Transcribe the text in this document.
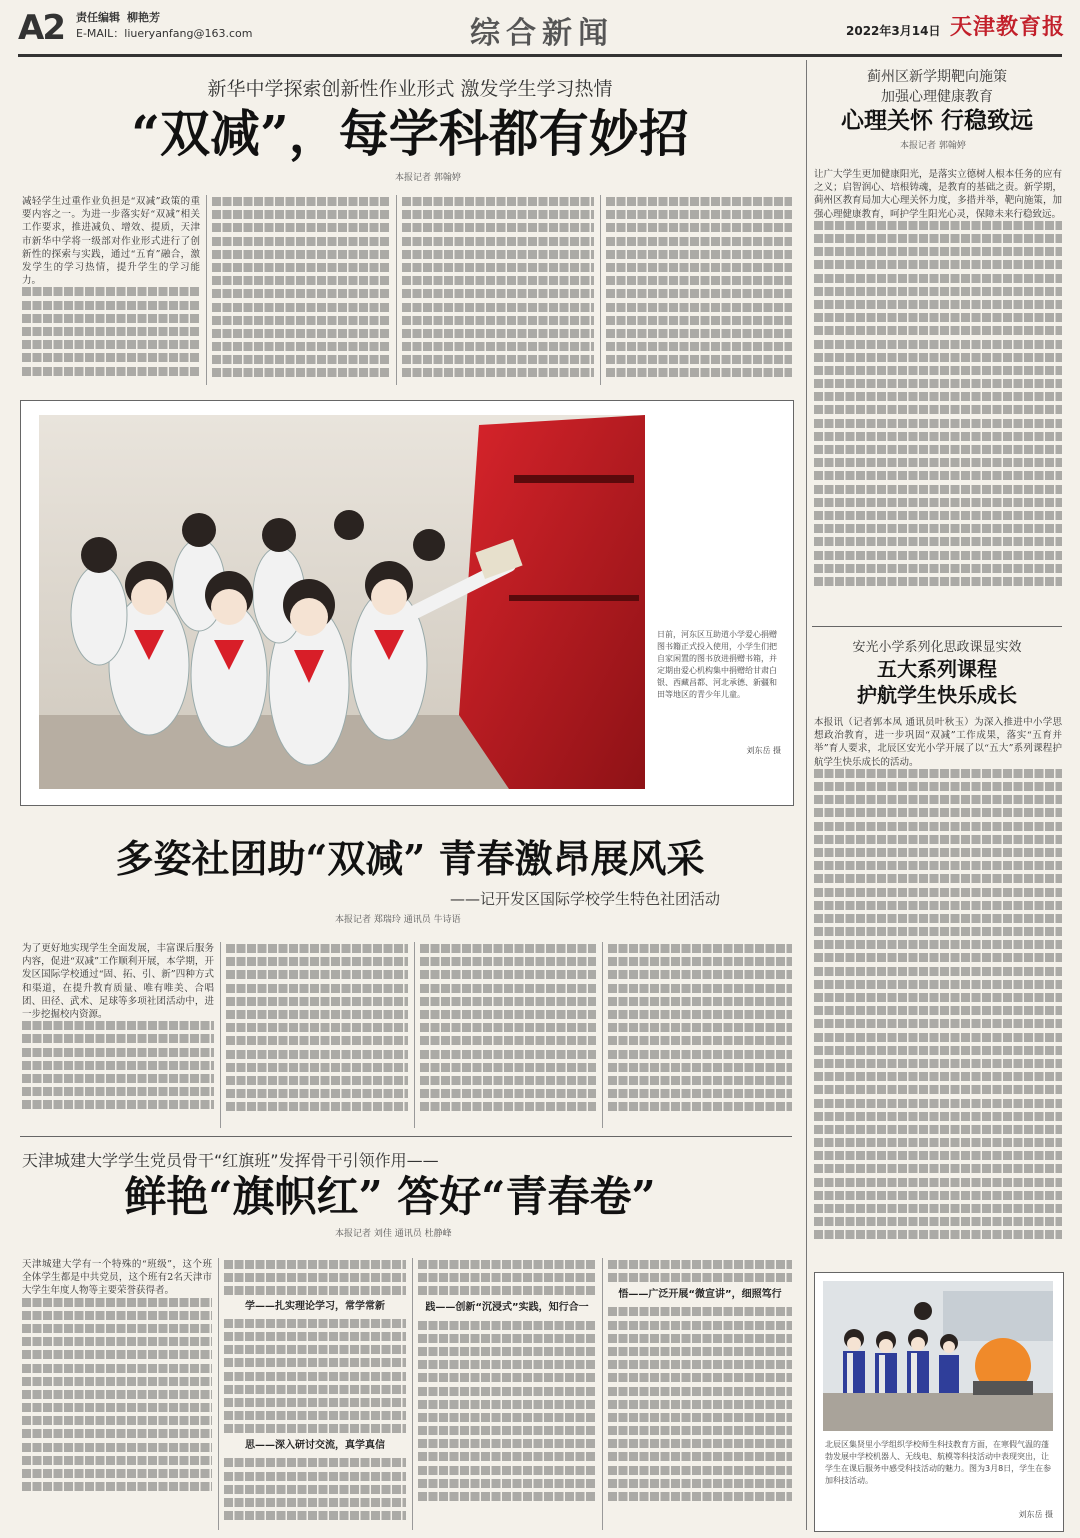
A2 责任编辑 柳艳芳
E-MAIL：liueryanfang@163.com	综合新闻	2022年3月14日 天津教育报
新华中学探索创新性作业形式 激发学生学习热情
“双减”，每学科都有妙招
本报记者 郭翰婷
减轻学生过重作业负担是“双减”政策的重要内容之一。为进一步落实好“双减”相关工作要求，推进减负、增效、提质，天津市新华中学将一级部对作业形式进行了创新性的探索与实践，通过“五育”融合，激发学生的学习热情，提升学生的学习能力。
日前，河东区互助道小学爱心捐赠图书籍正式投入使用，小学生们把自家闲置的图书放进捐赠书箱，并定期由爱心机构集中捐赠给甘肃白银、西藏昌都、河北承德、新疆和田等地区的青少年儿童。
刘东岳 摄
多姿社团助“双减” 青春激昂展风采
——记开发区国际学校学生特色社团活动
本报记者 郑瑞玲 通讯员 牛诗语
为了更好地实现学生全面发展，丰富课后服务内容，促进“双减”工作顺利开展，本学期，开发区国际学校通过“固、拓、引、新”四种方式和渠道，在提升教育质量、唯有唯美、合唱团、田径、武术、足球等多项社团活动中，进一步挖掘校内资源。
天津城建大学学生党员骨干“红旗班”发挥骨干引领作用——
鲜艳“旗帜红” 答好“青春卷”
本报记者 刘佳 通讯员 杜静峰
天津城建大学有一个特殊的“班级”，这个班全体学生都是中共党员，这个班有2名天津市大学生年度人物等主要荣誉获得者。
学——扎实理论学习，常学常新
思——深入研讨交流，真学真信
践——创新“沉浸式”实践，知行合一
悟——广泛开展“微宣讲”，细照笃行
蓟州区新学期靶向施策
加强心理健康教育
心理关怀 行稳致远
本报记者 郭翰婷
让广大学生更加健康阳光，是落实立德树人根本任务的应有之义；启智润心、培根铸魂，是教育的基础之责。新学期，蓟州区教育局加大心理关怀力度，多措并举，靶向施策，加强心理健康教育，呵护学生阳光心灵，保障未来行稳致远。
安光小学系列化思政课显实效
五大系列课程
护航学生快乐成长
本报讯（记者郭本凤 通讯员叶秋玉）为深入推进中小学思想政治教育，进一步巩固“双减”工作成果，落实“五育并举”育人要求，北辰区安光小学开展了以“五大”系列课程护航学生快乐成长的活动。
北辰区集贤里小学组织学校师生科技教育方面，在寒假气温的蓬勃发展中学校机器人、无线电、航模等科技活动中表现突出，让学生在课后服务中感受科技活动的魅力。图为3月8日，学生在参加科技活动。
刘东岳 摄
